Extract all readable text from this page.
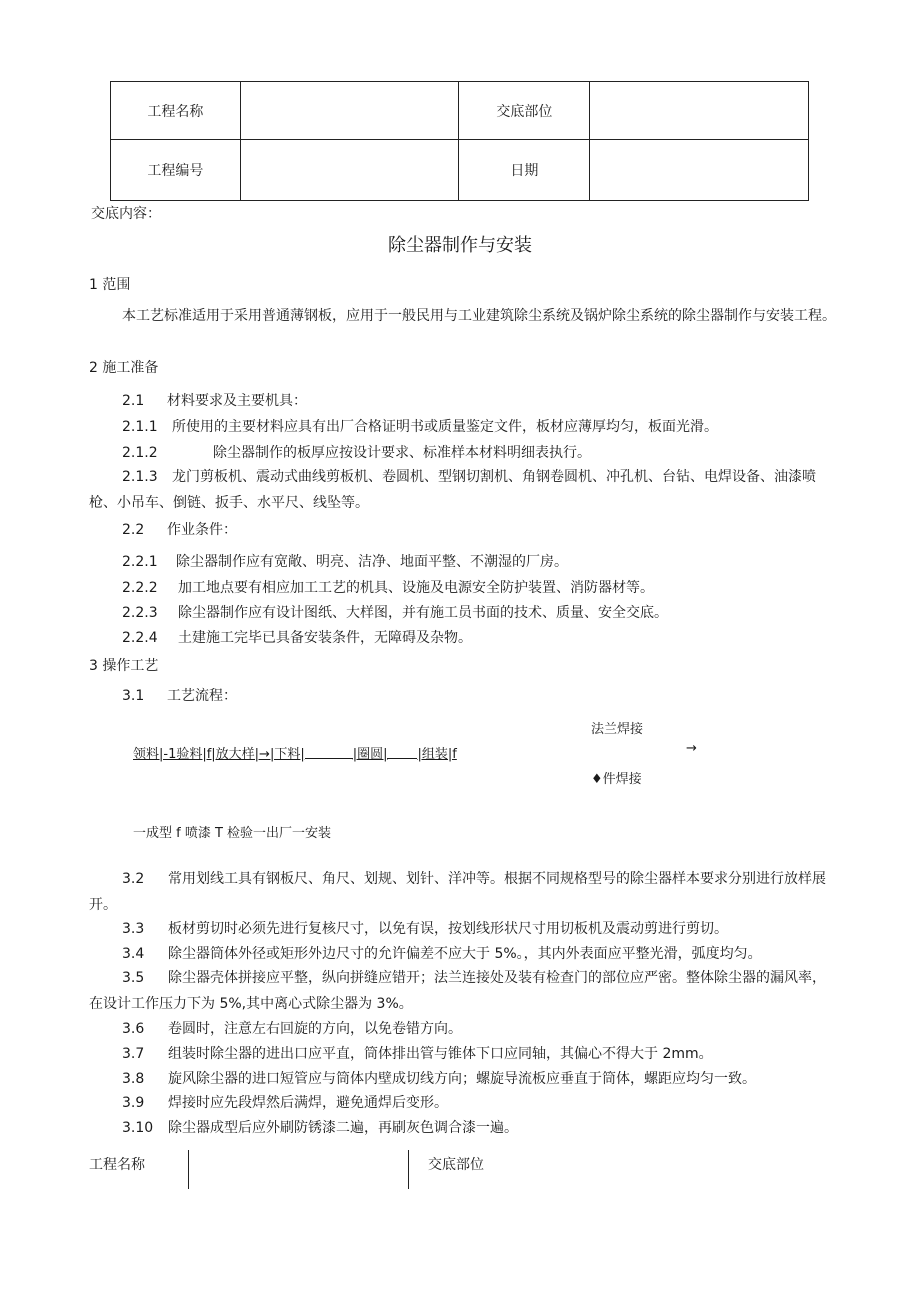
工程名称		交底部位	
工程编号		日期	
交底内容：
除尘器制作与安装
1 范围
本工艺标准适用于采用普通薄钢板，应用于一般民用与工业建筑除尘系统及锅炉除尘系统的除尘器制作与安装工程。
2 施工准备
2.1 材料要求及主要机具：
2.1.1 所使用的主要材料应具有出厂合格证明书或质量鉴定文件，板材应薄厚均匀，板面光滑。
2.1.2	除尘器制作的板厚应按设计要求、标准样本材料明细表执行。
2.1.3 龙门剪板机、震动式曲线剪板机、卷圆机、型钢切割机、角钢卷圆机、冲孔机、台钻、电焊设备、油漆喷枪、小吊车、倒链、扳手、水平尺、线坠等。
2.2 作业条件：
2.2.1 除尘器制作应有宽敞、明亮、洁净、地面平整、不潮湿的厂房。
2.2.2 加工地点要有相应加工工艺的机具、设施及电源安全防护装置、消防器材等。
2.2.3 除尘器制作应有设计图纸、大样图，并有施工员书面的技术、质量、安全交底。
2.2.4 土建施工完毕已具备安装条件，无障碍及杂物。
3 操作工艺
3.1 工艺流程：
法兰焊接
领料|-1验料|f|放大样|→|下料|	|圈圆| |组装|f	→
♦件焊接
一成型 f 喷漆 T 检验一出厂一安装
3.2 常用划线工具有钢板尺、角尺、划规、划针、洋冲等。根据不同规格型号的除尘器样本要求分别进行放样展开。
3.3 板材剪切时必须先进行复核尺寸，以免有误，按划线形状尺寸用切板机及震动剪进行剪切。
3.4 除尘器筒体外径或矩形外边尺寸的允许偏差不应大于 5%。，其内外表面应平整光滑，弧度均匀。
3.5 除尘器壳体拼接应平整，纵向拼缝应错开；法兰连接处及装有检查门的部位应严密。整体除尘器的漏风率，在设计工作压力下为 5%,其中离心式除尘器为 3%。
3.6 卷圆时，注意左右回旋的方向，以免卷错方向。
3.7 组装时除尘器的进出口应平直，筒体排出管与锥体下口应同轴，其偏心不得大于 2mm。
3.8 旋风除尘器的进口短管应与筒体内壁成切线方向；螺旋导流板应垂直于筒体，螺距应均匀一致。
3.9 焊接时应先段焊然后满焊，避免通焊后变形。
3.10 除尘器成型后应外刷防锈漆二遍，再刷灰色调合漆一遍。
工程名称	交底部位
